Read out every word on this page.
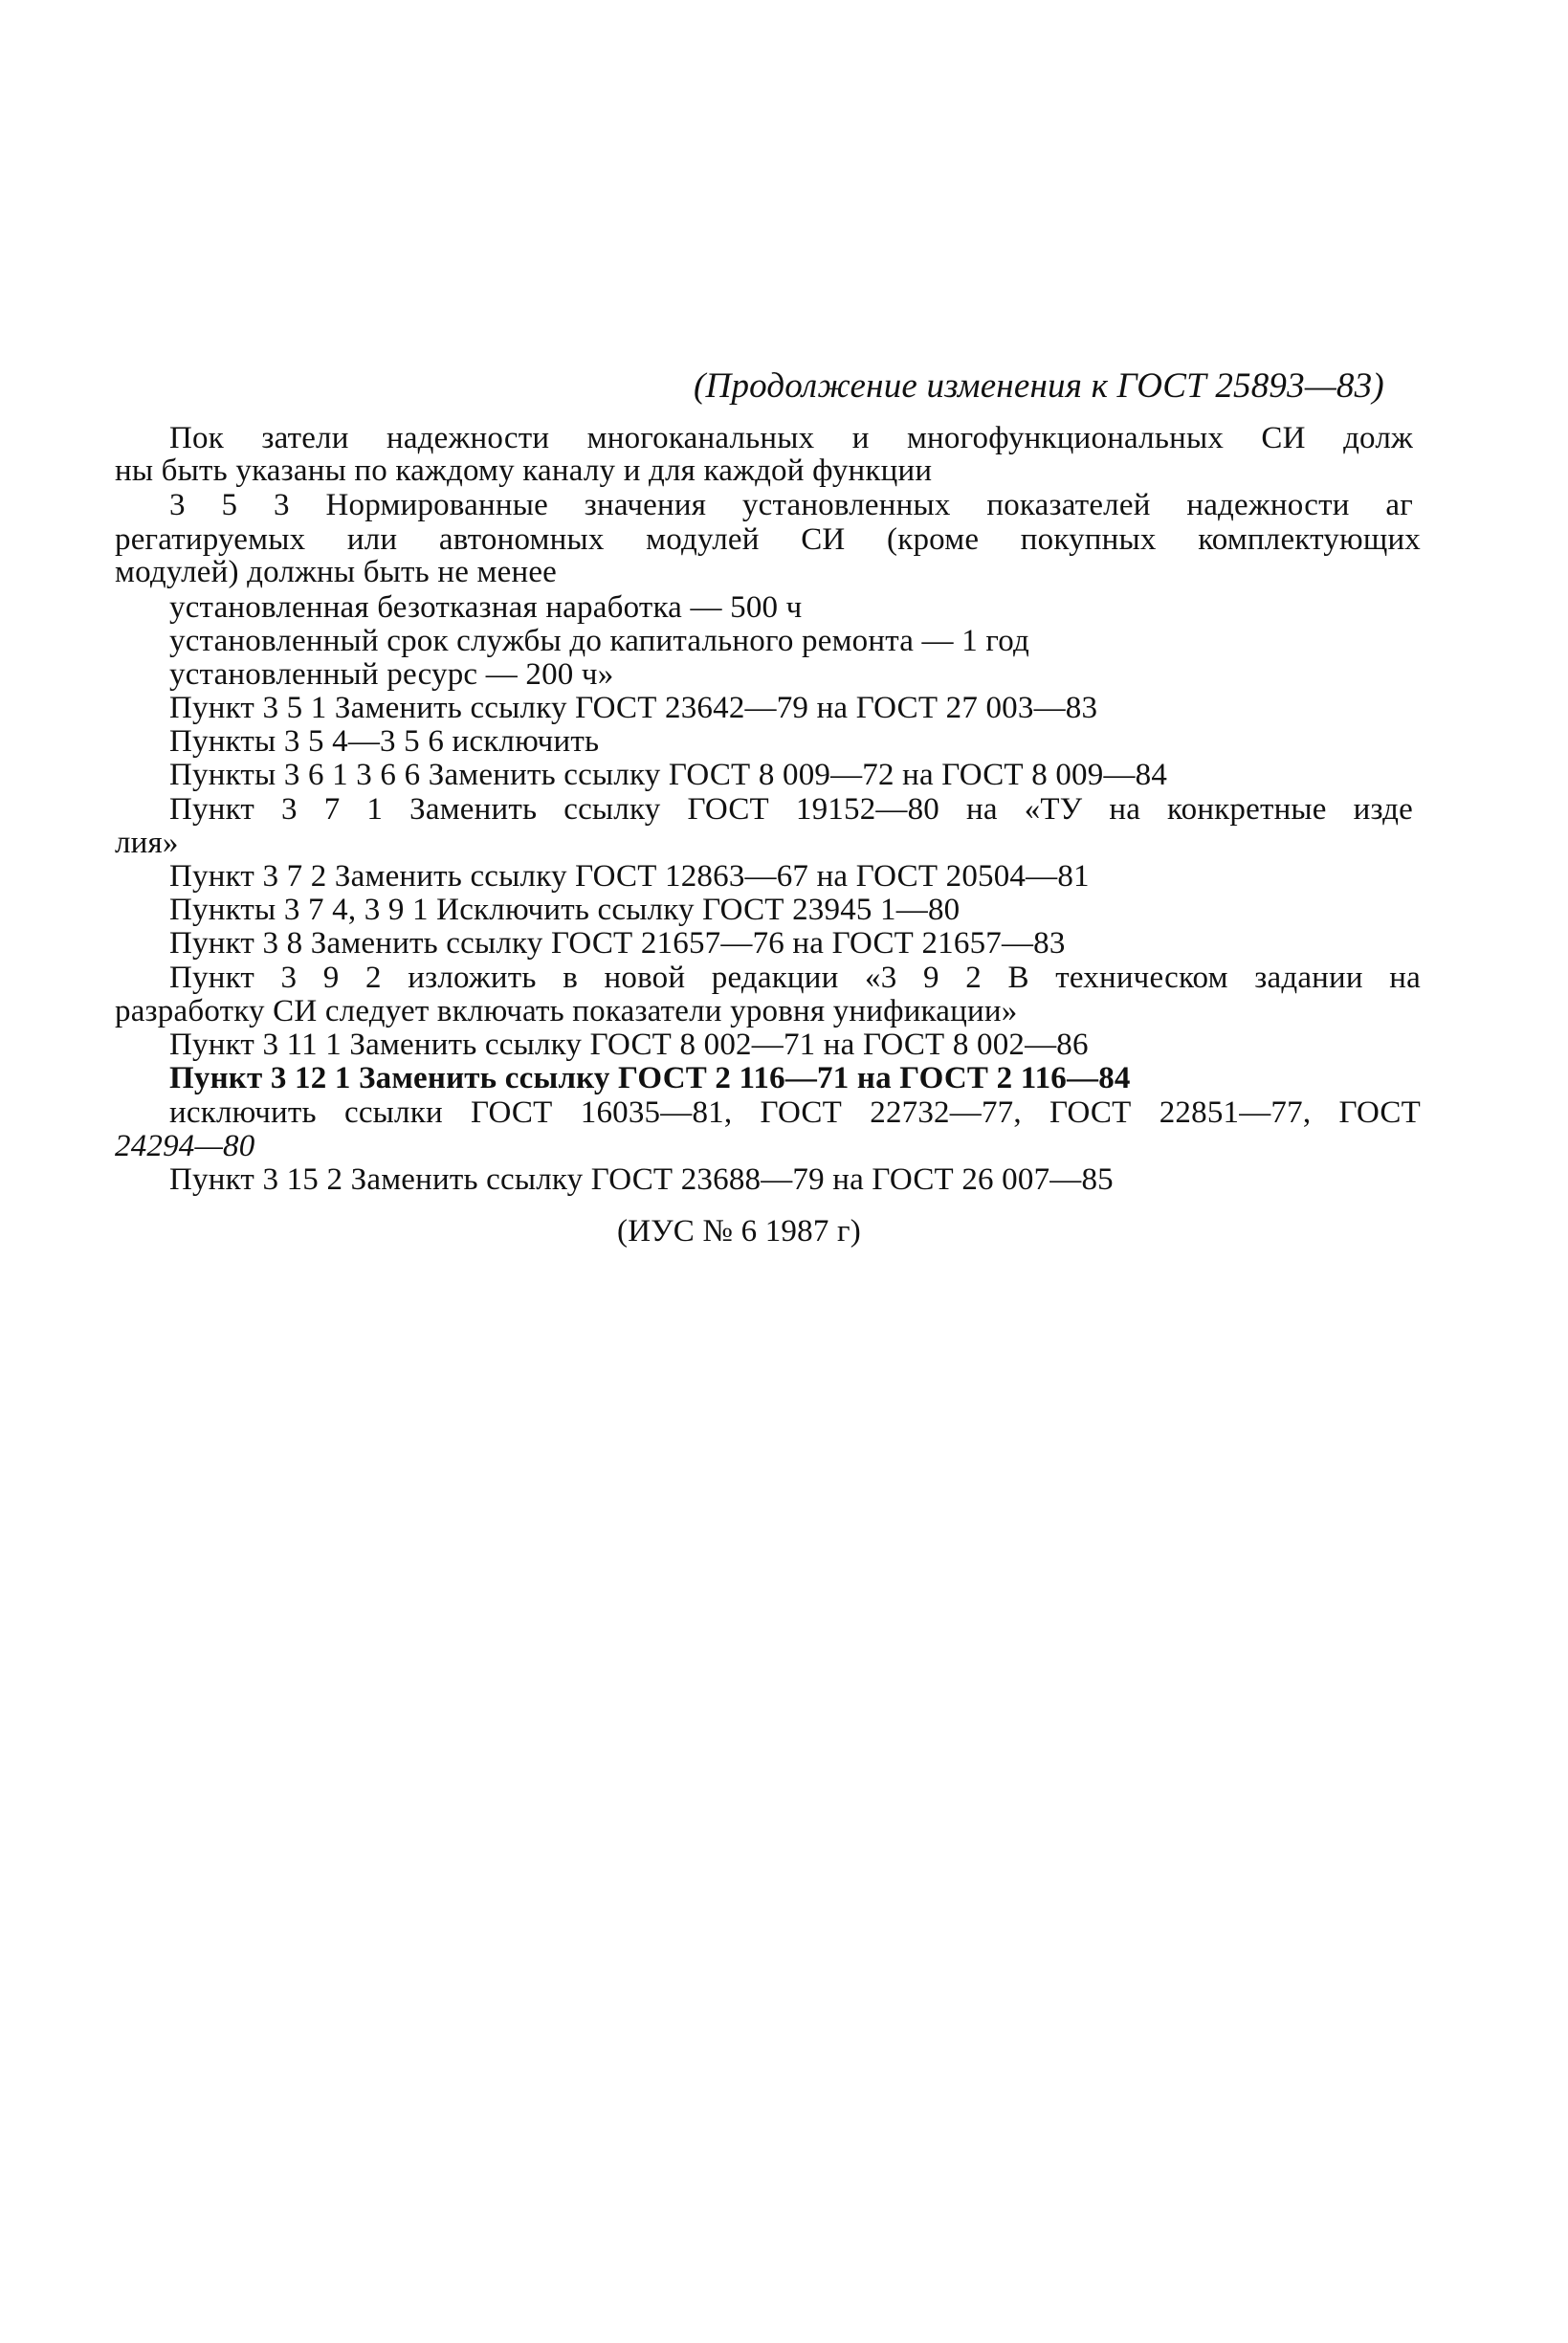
(Продолжение изменения к ГОСТ 25893—83)
Пок затели надежности многоканальных и многофункциональных СИ долж
ны быть указаны по каждому каналу и для каждой функции
3 5 3 Нормированные значения установленных показателей надежности аг
регатируемых или автономных модулей СИ (кроме покупных комплектующих
модулей) должны быть не менее
установленная безотказная наработка — 500 ч
установленный срок службы до капитального ремонта — 1 год
установленный ресурс — 200 ч»
Пункт 3 5 1 Заменить ссылку ГОСТ 23642—79 на ГОСТ 27 003—83
Пункты 3 5 4—3 5 6 исключить
Пункты 3 6 1 3 6 6 Заменить ссылку ГОСТ 8 009—72 на ГОСТ 8 009—84
Пункт 3 7 1 Заменить ссылку ГОСТ 19152—80 на «ТУ на конкретные изде
лия»
Пункт 3 7 2 Заменить ссылку ГОСТ 12863—67 на ГОСТ 20504—81
Пункты 3 7 4, 3 9 1 Исключить ссылку ГОСТ 23945 1—80
Пункт 3 8 Заменить ссылку ГОСТ 21657—76 на ГОСТ 21657—83
Пункт 3 9 2 изложить в новой редакции «3 9 2 В техническом задании на
разработку СИ следует включать показатели уровня унификации»
Пункт 3 11 1 Заменить ссылку ГОСТ 8 002—71 на ГОСТ 8 002—86
Пункт 3 12 1 Заменить ссылку ГОСТ 2 116—71 на ГОСТ 2 116—84
исключить ссылки ГОСТ 16035—81, ГОСТ 22732—77, ГОСТ 22851—77, ГОСТ
24294—80
Пункт 3 15 2 Заменить ссылку ГОСТ 23688—79 на ГОСТ 26 007—85
(ИУС № 6 1987 г)
